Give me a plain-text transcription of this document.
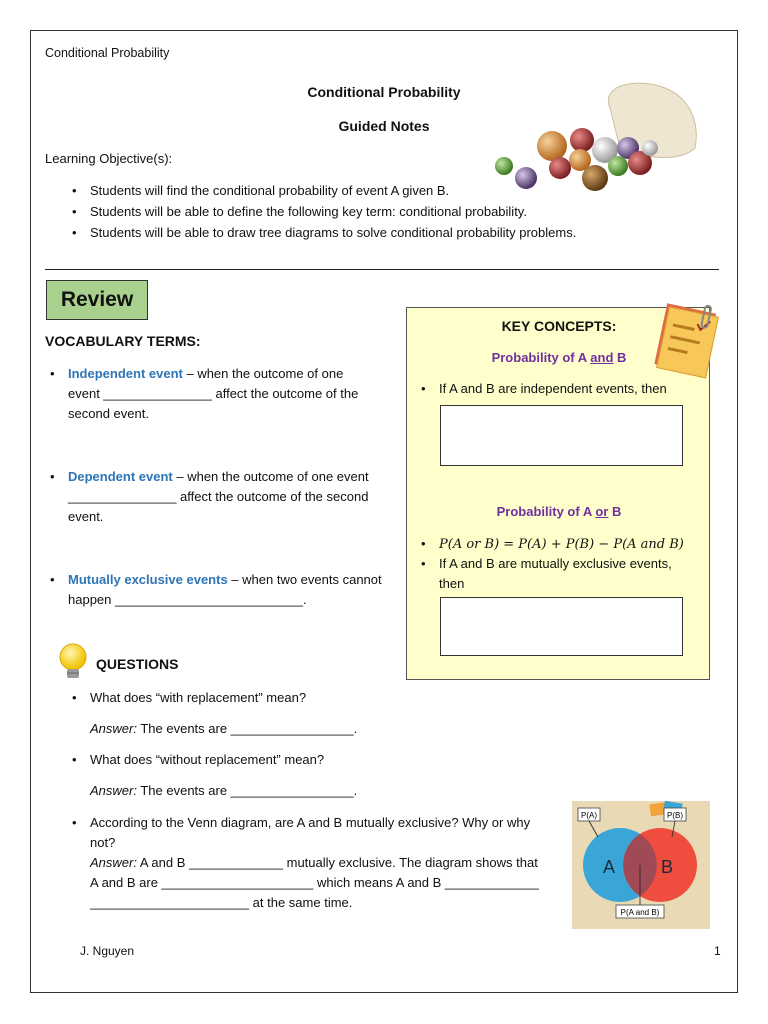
Conditional Probability
Conditional Probability
Guided Notes
Learning Objective(s):
• Students will find the conditional probability of event A given B.
• Students will be able to define the following key term: conditional probability.
• Students will be able to draw tree diagrams to solve conditional probability problems.
Review
VOCABULARY TERMS:
• Independent event – when the outcome of one
event _______________ affect the outcome of the
second event.
• Dependent event – when the outcome of one event
_______________ affect the outcome of the second
event.
• Mutually exclusive events – when two events cannot
happen __________________________.
KEY CONCEPTS:
Probability of A and B
• If A and B are independent events, then
Probability of A or B
• P(A or B) = P(A) + P(B) − P(A and B)
• If A and B are mutually exclusive events,
then
QUESTIONS
• What does “with replacement” mean?
Answer: The events are _________________.
• What does “without replacement” mean?
Answer: The events are _________________.
• According to the Venn diagram, are A and B mutually exclusive? Why or why
not?
Answer: A and B _____________ mutually exclusive. The diagram shows that
A and B are _____________________ which means A and B _____________
______________________ at the same time.
P(A)	P(B)
A	B
P(A and B)
J. Nguyen	1
